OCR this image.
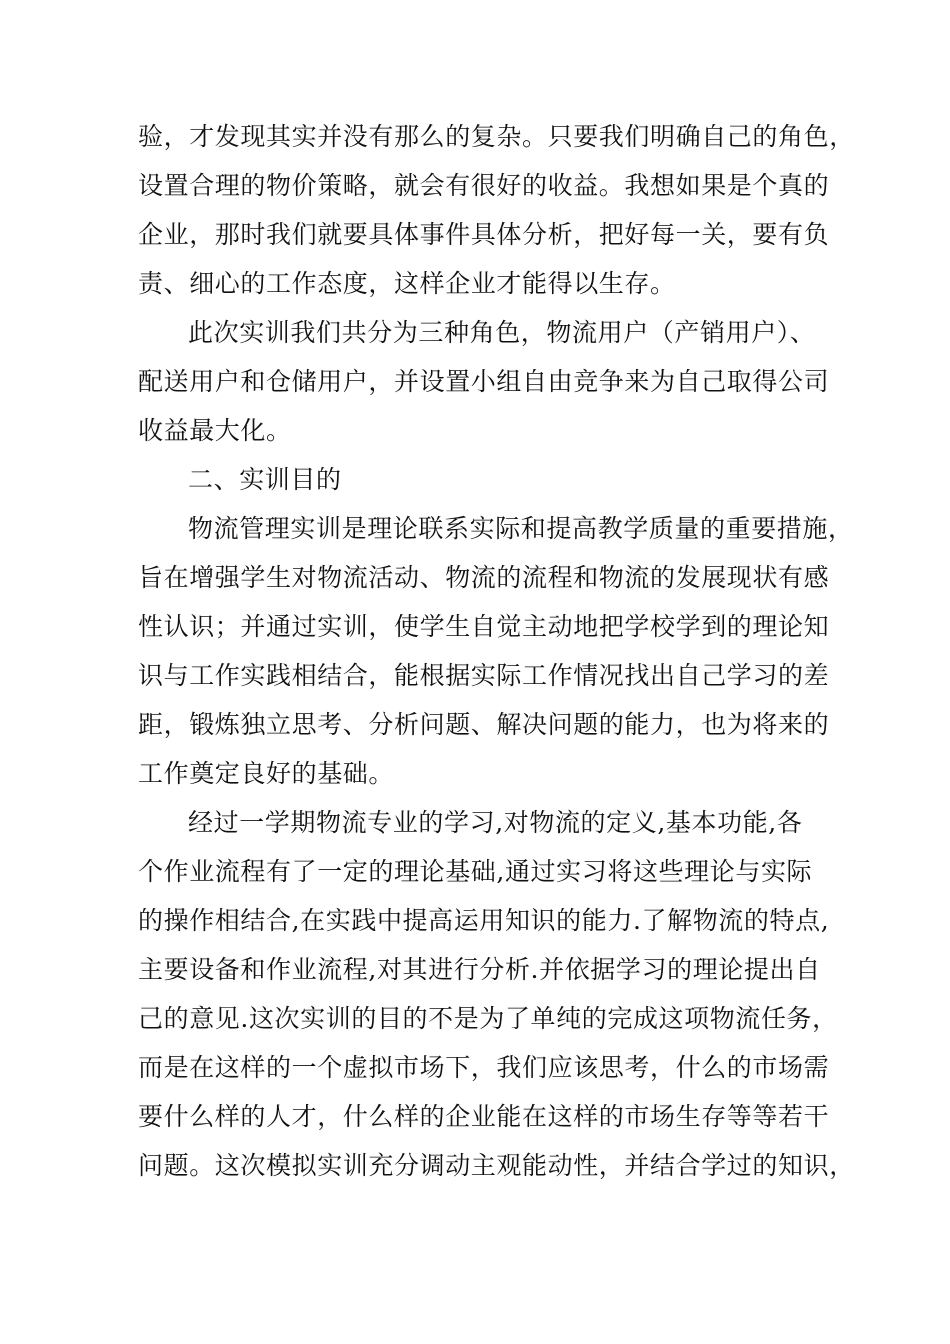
验，才发现其实并没有那么的复杂。只要我们明确自己的角色，
设置合理的物价策略，就会有很好的收益。我想如果是个真的
企业，那时我们就要具体事件具体分析，把好每一关，要有负
责、细心的工作态度，这样企业才能得以生存。
此次实训我们共分为三种角色，物流用户（产销用户）、
配送用户和仓储用户，并设置小组自由竞争来为自己取得公司
收益最大化。
二、实训目的
物流管理实训是理论联系实际和提高教学质量的重要措施，
旨在增强学生对物流活动、物流的流程和物流的发展现状有感
性认识；并通过实训，使学生自觉主动地把学校学到的理论知
识与工作实践相结合，能根据实际工作情况找出自己学习的差
距，锻炼独立思考、分析问题、解决问题的能力，也为将来的
工作奠定良好的基础。
经过一学期物流专业的学习,对物流的定义,基本功能,各
个作业流程有了一定的理论基础,通过实习将这些理论与实际
的操作相结合,在实践中提高运用知识的能力.了解物流的特点,
主要设备和作业流程,对其进行分析.并依据学习的理论提出自
己的意见.这次实训的目的不是为了单纯的完成这项物流任务，
而是在这样的一个虚拟市场下，我们应该思考，什么的市场需
要什么样的人才，什么样的企业能在这样的市场生存等等若干
问题。这次模拟实训充分调动主观能动性，并结合学过的知识，
